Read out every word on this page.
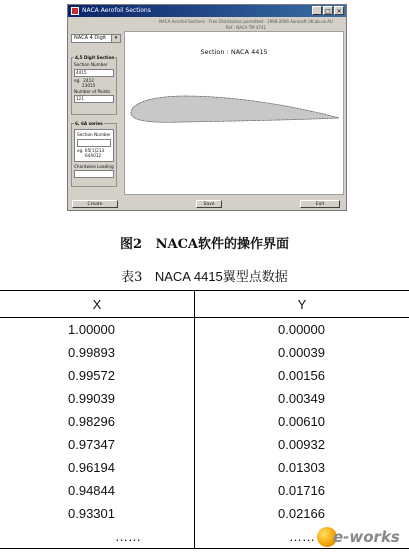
NACA Aerofoil Sections	_	□ ×
NACA Aerofoil Sections - Free Distribution permitted - 1998-2006 Aerosoft UK.ab.uk.AU
Ref : NACA TM 4741
NACA 4 Digit	▾
4,5 Digit Section
Section Number
4415
eg. 2412
23015
Number of Points
121
6, 6A series
Section Number
eg. 65[1]213
64A012
Chordwise Loading
Section : NACA 4415
Create	Save	Exit
图2 NACA软件的操作界面
表3 NACA 4415翼型点数据
X	Y
1.00000	0.00000
0.99893	0.00039
0.99572	0.00156
0.99039	0.00349
0.98296	0.00610
0.97347	0.00932
0.96194	0.01303
0.94844	0.01716
0.93301	0.02166
……	…… e-works
